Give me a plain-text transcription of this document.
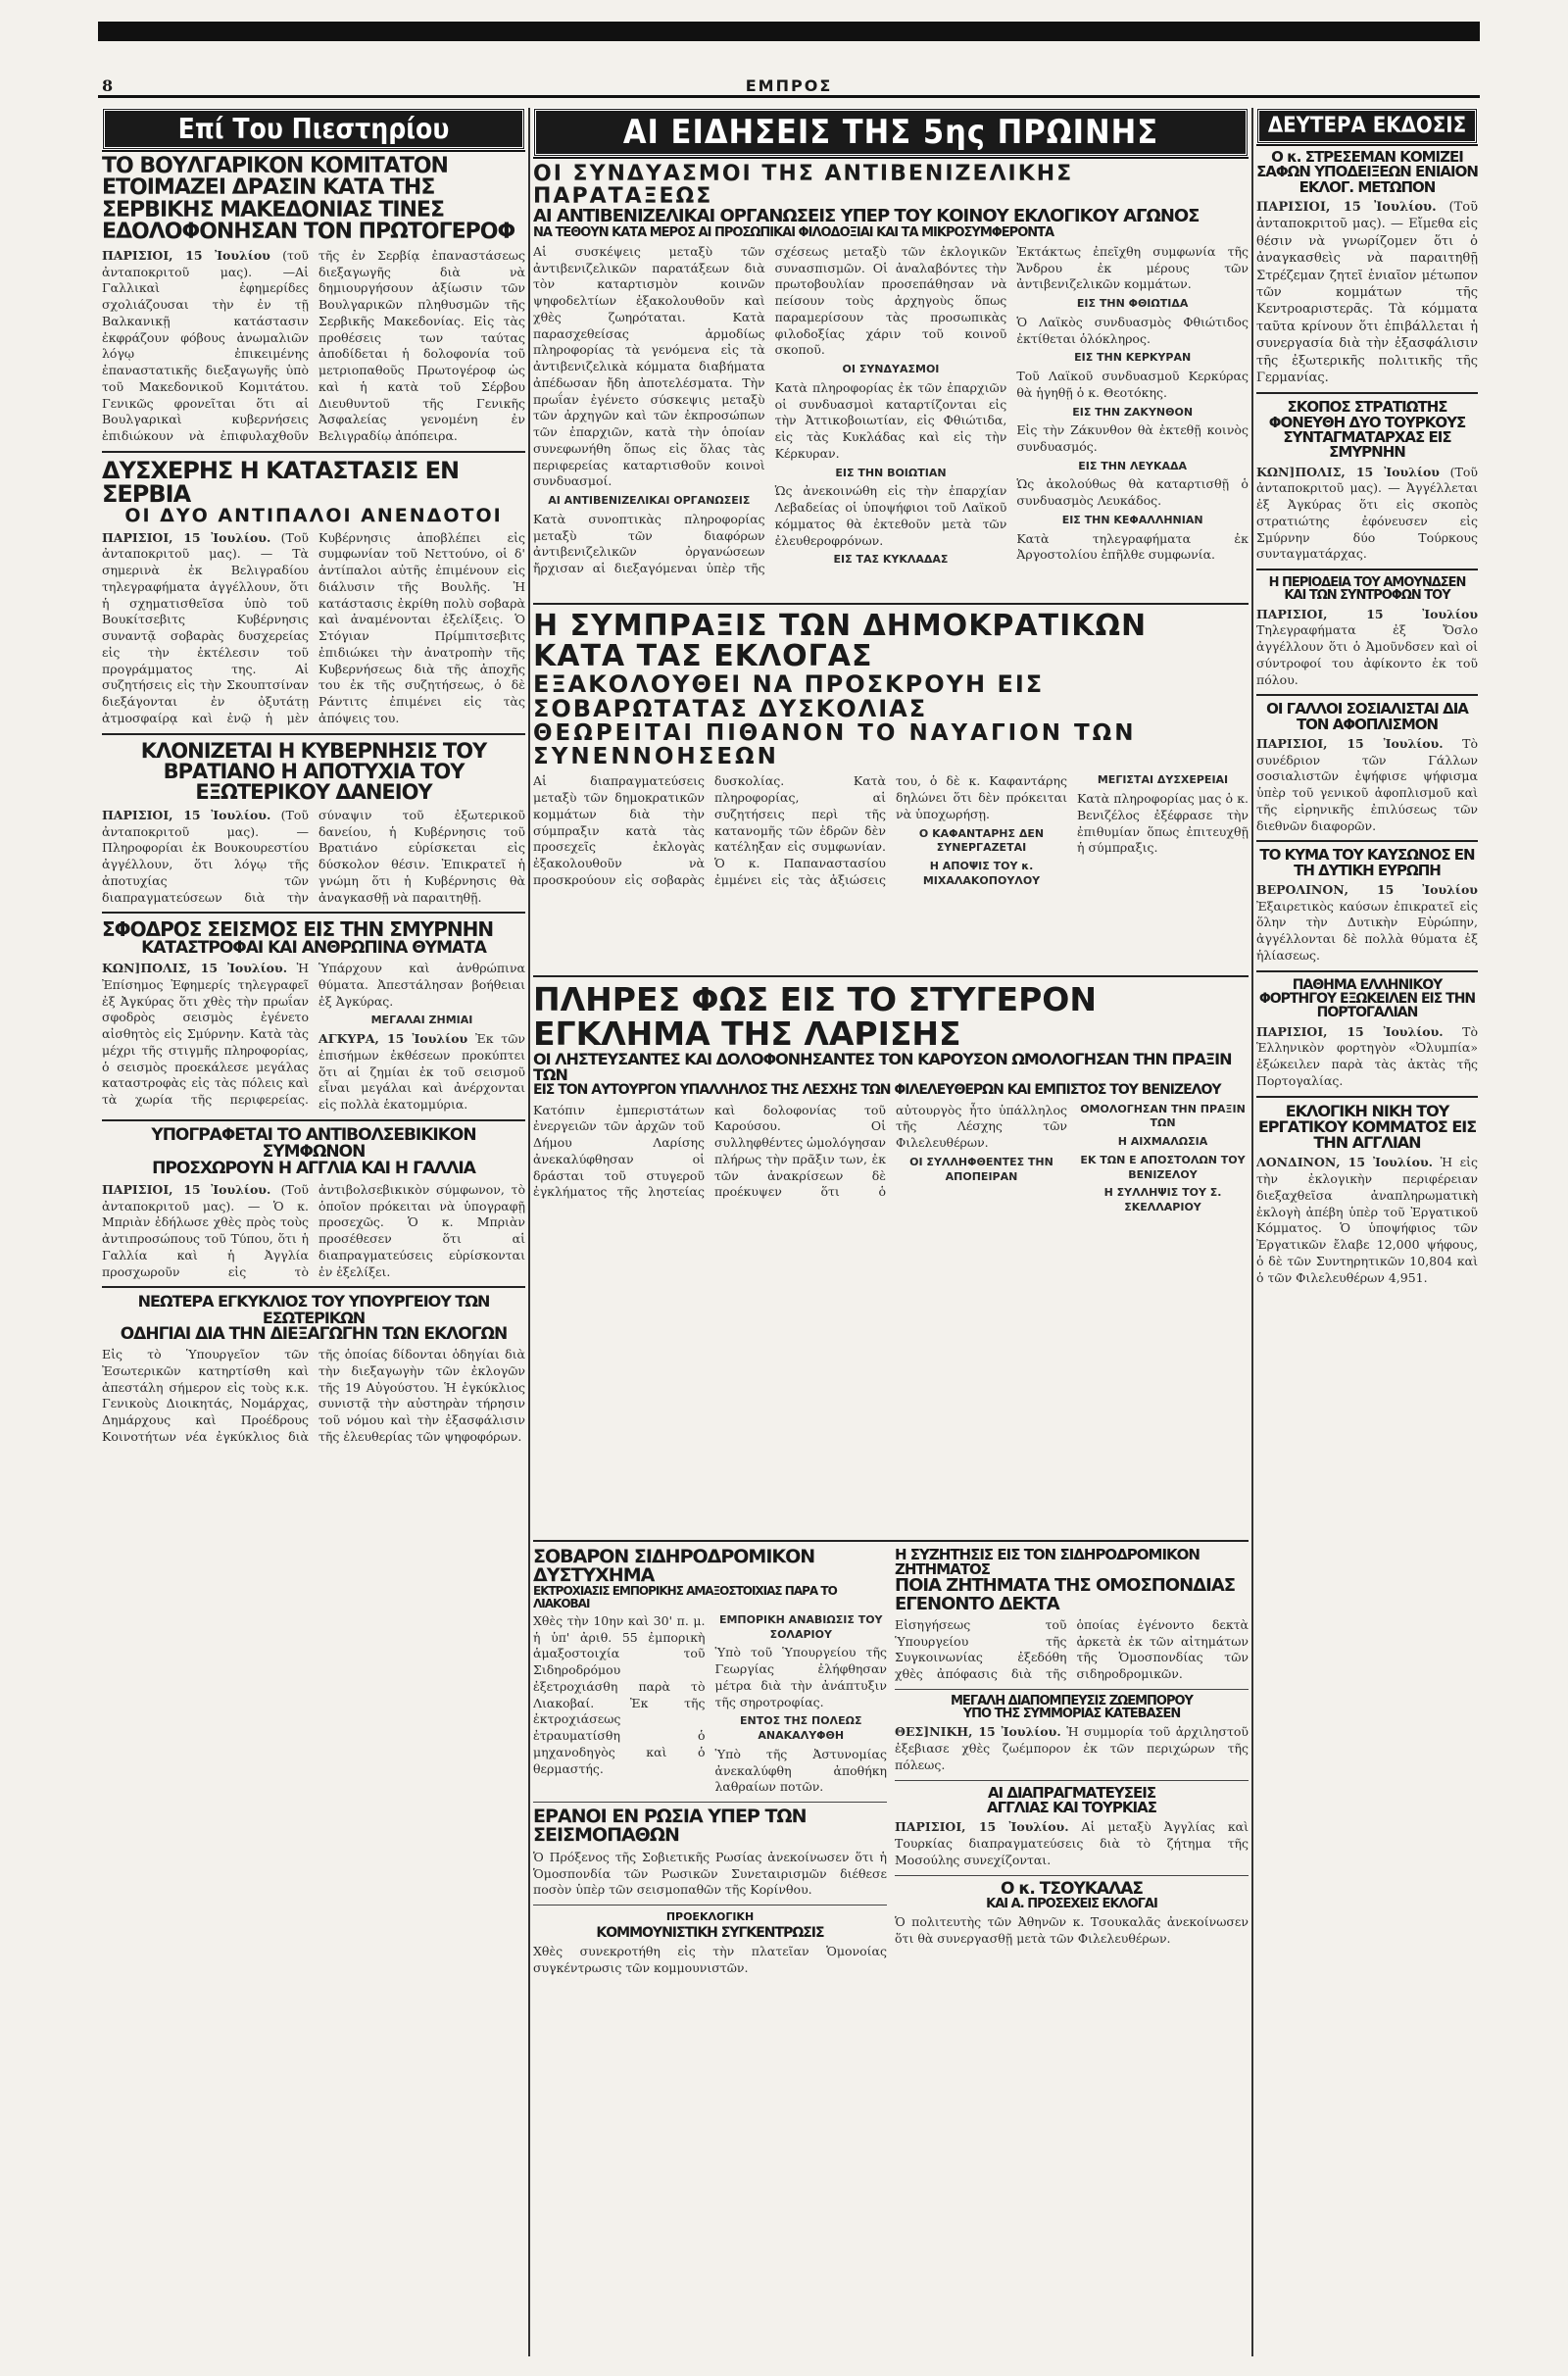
8	ΕΜΠΡΟΣ
Επί Του Πιεστηρίου
ΤΟ ΒΟΥΛΓΑΡΙΚΟΝ ΚΟΜΙΤΑΤΟΝ ΕΤΟΙΜΑΖΕΙ ΔΡΑΣΙΝ ΚΑΤΑ ΤΗΣ ΣΕΡΒΙΚΗΣ ΜΑΚΕΔΟΝΙΑΣ ΤΙΝΕΣ ΕΔΟΛΟΦΟΝΗΣΑΝ ΤΟΝ ΠΡΩΤΟΓΕΡΟΦ
ΠΑΡΙΣΙΟΙ, 15 Ἰουλίου (τοῦ ἀνταποκριτοῦ μας). —Αἱ Γαλλικαὶ ἐφημερίδες σχολιάζουσαι τὴν ἐν τῇ Βαλκανικῇ κατάστασιν ἐκφράζουν φόβους ἀνωμαλιῶν λόγῳ ἐπικειμένης ἐπαναστατικῆς διεξαγωγῆς ὑπὸ τοῦ Μακεδονικοῦ Κομιτάτου. Γενικῶς φρονεῖται ὅτι αἱ Βουλγαρικαὶ κυβερνήσεις ἐπιδιώκουν νὰ ἐπιφυλαχθοῦν τῆς ἐν Σερβίᾳ ἐπαναστάσεως διεξαγωγῆς διὰ νὰ δημιουργήσουν ἀξίωσιν τῶν Βουλγαρικῶν πληθυσμῶν τῆς Σερβικῆς Μακεδονίας. Εἰς τὰς προθέσεις των ταύτας ἀποδίδεται ἡ δολοφονία τοῦ μετριοπαθοῦς Πρωτογέροφ ὡς καὶ ἡ κατὰ τοῦ Σέρβου Διευθυντοῦ τῆς Γενικῆς Ἀσφαλείας γενομένη ἐν Βελιγραδίῳ ἀπόπειρα.
ΔΥΣΧΕΡΗΣ Η ΚΑΤΑΣΤΑΣΙΣ ΕΝ ΣΕΡΒΙΑ
ΟΙ ΔΥΟ ΑΝΤΙΠΑΛΟΙ ΑΝΕΝΔΟΤΟΙ
ΠΑΡΙΣΙΟΙ, 15 Ἰουλίου. (Τοῦ ἀνταποκριτοῦ μας). — Τὰ σημερινὰ ἐκ Βελιγραδίου τηλεγραφήματα ἀγγέλλουν, ὅτι ἡ σχηματισθεῖσα ὑπὸ τοῦ Βουκίτσεβιτς Κυβέρνησις συναντᾷ σοβαρὰς δυσχερείας εἰς τὴν ἐκτέλεσιν τοῦ προγράμματος της. Αἱ συζητήσεις εἰς τὴν Σκουπτσίναν διεξάγονται ἐν ὀξυτάτῃ ἀτμοσφαίρᾳ καὶ ἐνῷ ἡ μὲν Κυβέρνησις ἀποβλέπει εἰς συμφωνίαν τοῦ Νεττούνο, οἱ δ' ἀντίπαλοι αὐτῆς ἐπιμένουν εἰς διάλυσιν τῆς Βουλῆς. Ἡ κατάστασις ἐκρίθη πολὺ σοβαρὰ καὶ ἀναμένονται ἐξελίξεις. Ὁ Στόγιαν Πρίμπιτσεβιτς ἐπιδιώκει τὴν ἀνατροπὴν τῆς Κυβερνήσεως διὰ τῆς ἀποχῆς του ἐκ τῆς συζητήσεως, ὁ δὲ Ράντιτς ἐπιμένει εἰς τὰς ἀπόψεις του.
ΚΛΟΝΙΖΕΤΑΙ Η ΚΥΒΕΡΝΗΣΙΣ ΤΟΥ ΒΡΑΤΙΑΝΟ Η ΑΠΟΤΥΧΙΑ ΤΟΥ ΕΞΩΤΕΡΙΚΟΥ ΔΑΝΕΙΟΥ
ΠΑΡΙΣΙΟΙ, 15 Ἰουλίου. (Τοῦ ἀνταποκριτοῦ μας). — Πληροφορίαι ἐκ Βουκουρεστίου ἀγγέλλουν, ὅτι λόγῳ τῆς ἀποτυχίας τῶν διαπραγματεύσεων διὰ τὴν σύναψιν τοῦ ἐξωτερικοῦ δανείου, ἡ Κυβέρνησις τοῦ Βρατιάνο εὑρίσκεται εἰς δύσκολον θέσιν. Ἐπικρατεῖ ἡ γνώμη ὅτι ἡ Κυβέρνησις θὰ ἀναγκασθῇ νὰ παραιτηθῇ.
ΣΦΟΔΡΟΣ ΣΕΙΣΜΟΣ ΕΙΣ ΤΗΝ ΣΜΥΡΝΗΝ
ΚΑΤΑΣΤΡΟΦΑΙ ΚΑΙ ΑΝΘΡΩΠΙΝΑ ΘΥΜΑΤΑ
ΚΩΝ]ΠΟΛΙΣ, 15 Ἰουλίου. Ἡ Ἐπίσημος Ἐφημερίς τηλεγραφεῖ ἐξ Ἀγκύρας ὅτι χθὲς τὴν πρωΐαν σφοδρὸς σεισμὸς ἐγένετο αἰσθητὸς εἰς Σμύρνην. Κατὰ τὰς μέχρι τῆς στιγμῆς πληροφορίας, ὁ σεισμὸς προεκάλεσε μεγάλας καταστροφὰς εἰς τὰς πόλεις καὶ τὰ χωρία τῆς περιφερείας. Ὑπάρχουν καὶ ἀνθρώπινα θύματα. Ἀπεστάλησαν βοήθειαι ἐξ Ἀγκύρας.
ΜΕΓΑΛΑΙ ΖΗΜΙΑΙ
ΑΓΚΥΡΑ, 15 Ἰουλίου Ἐκ τῶν ἐπισήμων ἐκθέσεων προκύπτει ὅτι αἱ ζημίαι ἐκ τοῦ σεισμοῦ εἶναι μεγάλαι καὶ ἀνέρχονται εἰς πολλὰ ἑκατομμύρια.
ΥΠΟΓΡΑΦΕΤΑΙ ΤΟ ΑΝΤΙΒΟΛΣΕΒΙΚΙΚΟΝ ΣΥΜΦΩΝΟΝ
ΠΡΟΣΧΩΡΟΥΝ Η ΑΓΓΛΙΑ ΚΑΙ Η ΓΑΛΛΙΑ
ΠΑΡΙΣΙΟΙ, 15 Ἰουλίου. (Τοῦ ἀνταποκριτοῦ μας). — Ὁ κ. Μπριὰν ἐδήλωσε χθὲς πρὸς τοὺς ἀντιπροσώπους τοῦ Τύπου, ὅτι ἡ Γαλλία καὶ ἡ Ἀγγλία προσχωροῦν εἰς τὸ ἀντιβολσεβικικὸν σύμφωνον, τὸ ὁποῖον πρόκειται νὰ ὑπογραφῇ προσεχῶς. Ὁ κ. Μπριὰν προσέθεσεν ὅτι αἱ διαπραγματεύσεις εὑρίσκονται ἐν ἐξελίξει.
ΝΕΩΤΕΡΑ ΕΓΚΥΚΛΙΟΣ ΤΟΥ ΥΠΟΥΡΓΕΙΟΥ ΤΩΝ ΕΣΩΤΕΡΙΚΩΝ
ΟΔΗΓΙΑΙ ΔΙΑ ΤΗΝ ΔΙΕΞΑΓΩΓΗΝ ΤΩΝ ΕΚΛΟΓΩΝ
Εἰς τὸ Ὑπουργεῖον τῶν Ἐσωτερικῶν κατηρτίσθη καὶ ἀπεστάλη σήμερον εἰς τοὺς κ.κ. Γενικοὺς Διοικητάς, Νομάρχας, Δημάρχους καὶ Προέδρους Κοινοτήτων νέα ἐγκύκλιος διὰ τῆς ὁποίας δίδονται ὁδηγίαι διὰ τὴν διεξαγωγὴν τῶν ἐκλογῶν τῆς 19 Αὐγούστου. Ἡ ἐγκύκλιος συνιστᾷ τὴν αὐστηρὰν τήρησιν τοῦ νόμου καὶ τὴν ἐξασφάλισιν τῆς ἐλευθερίας τῶν ψηφοφόρων.
ΑΙ ΕΙΔΗΣΕΙΣ ΤΗΣ 5ης ΠΡΩΙΝΗΣ
ΟΙ ΣΥΝΔΥΑΣΜΟΙ ΤΗΣ ΑΝΤΙΒΕΝΙΖΕΛΙΚΗΣ ΠΑΡΑΤΑΞΕΩΣ
ΑΙ ΑΝΤΙΒΕΝΙΖΕΛΙΚΑΙ ΟΡΓΑΝΩΣΕΙΣ ΥΠΕΡ ΤΟΥ ΚΟΙΝΟΥ ΕΚΛΟΓΙΚΟΥ ΑΓΩΝΟΣ
ΝΑ ΤΕΘΟΥΝ ΚΑΤΑ ΜΕΡΟΣ ΑΙ ΠΡΟΣΩΠΙΚΑΙ ΦΙΛΟΔΟΞΙΑΙ ΚΑΙ ΤΑ ΜΙΚΡΟΣΥΜΦΕΡΟΝΤΑ
Αἱ συσκέψεις μεταξὺ τῶν ἀντιβενιζελικῶν παρατάξεων διὰ τὸν καταρτισμὸν κοινῶν ψηφοδελτίων ἐξακολουθοῦν καὶ χθὲς ζωηρόταται. Κατὰ παρασχεθείσας ἀρμοδίως πληροφορίας τὰ γενόμενα εἰς τὰ ἀντιβενιζελικὰ κόμματα διαβήματα ἀπέδωσαν ἤδη ἀποτελέσματα. Τὴν πρωΐαν ἐγένετο σύσκεψις μεταξὺ τῶν ἀρχηγῶν καὶ τῶν ἐκπροσώπων τῶν ἐπαρχιῶν, κατὰ τὴν ὁποίαν συνεφωνήθη ὅπως εἰς ὅλας τὰς περιφερείας καταρτισθοῦν κοινοὶ συνδυασμοί.
ΑΙ ΑΝΤΙΒΕΝΙΖΕΛΙΚΑΙ ΟΡΓΑΝΩΣΕΙΣ
Κατὰ συνοπτικὰς πληροφορίας μεταξὺ τῶν διαφόρων ἀντιβενιζελικῶν ὀργανώσεων ἤρχισαν αἱ διεξαγόμεναι ὑπὲρ τῆς σχέσεως μεταξὺ τῶν ἐκλογικῶν συνασπισμῶν. Οἱ ἀναλαβόντες τὴν πρωτοβουλίαν προσεπάθησαν νὰ πείσουν τοὺς ἀρχηγοὺς ὅπως παραμερίσουν τὰς προσωπικὰς φιλοδοξίας χάριν τοῦ κοινοῦ σκοποῦ.
ΟΙ ΣΥΝΔΥΑΣΜΟΙ
Κατὰ πληροφορίας ἐκ τῶν ἐπαρχιῶν οἱ συνδυασμοὶ καταρτίζονται εἰς τὴν Ἀττικοβοιωτίαν, εἰς Φθιώτιδα, εἰς τὰς Κυκλάδας καὶ εἰς τὴν Κέρκυραν.
ΕΙΣ ΤΗΝ ΒΟΙΩΤΙΑΝ
Ὡς ἀνεκοινώθη εἰς τὴν ἐπαρχίαν Λεβαδείας οἱ ὑποψήφιοι τοῦ Λαϊκοῦ κόμματος θὰ ἐκτεθοῦν μετὰ τῶν ἐλευθεροφρόνων.
ΕΙΣ ΤΑΣ ΚΥΚΛΑΔΑΣ
Ἐκτάκτως ἐπεῖχθη συμφωνία τῆς Ἄνδρου ἐκ μέρους τῶν ἀντιβενιζελικῶν κομμάτων.
ΕΙΣ ΤΗΝ ΦΘΙΩΤΙΔΑ
Ὁ Λαϊκὸς συνδυασμὸς Φθιώτιδος ἐκτίθεται ὁλόκληρος.
ΕΙΣ ΤΗΝ ΚΕΡΚΥΡΑΝ
Τοῦ Λαϊκοῦ συνδυασμοῦ Κερκύρας θὰ ἡγηθῇ ὁ κ. Θεοτόκης.
ΕΙΣ ΤΗΝ ΖΑΚΥΝΘΟΝ
Εἰς τὴν Ζάκυνθον θὰ ἐκτεθῇ κοινὸς συνδυασμός.
ΕΙΣ ΤΗΝ ΛΕΥΚΑΔΑ
Ὡς ἀκολούθως θὰ καταρτισθῇ ὁ συνδυασμὸς Λευκάδος.
ΕΙΣ ΤΗΝ ΚΕΦΑΛΛΗΝΙΑΝ
Κατὰ τηλεγραφήματα ἐκ Ἀργοστολίου ἐπῆλθε συμφωνία.
Η ΣΥΜΠΡΑΞΙΣ ΤΩΝ ΔΗΜΟΚΡΑΤΙΚΩΝ ΚΑΤΑ ΤΑΣ ΕΚΛΟΓΑΣ
ΕΞΑΚΟΛΟΥΘΕΙ ΝΑ ΠΡΟΣΚΡΟΥΗ ΕΙΣ ΣΟΒΑΡΩΤΑΤΑΣ ΔΥΣΚΟΛΙΑΣ
ΘΕΩΡΕΙΤΑΙ ΠΙΘΑΝΟΝ ΤΟ ΝΑΥΑΓΙΟΝ ΤΩΝ ΣΥΝΕΝΝΟΗΣΕΩΝ
Αἱ διαπραγματεύσεις μεταξὺ τῶν δημοκρατικῶν κομμάτων διὰ τὴν σύμπραξιν κατὰ τὰς προσεχεῖς ἐκλογὰς ἐξακολουθοῦν νὰ προσκρούουν εἰς σοβαρὰς δυσκολίας. Κατὰ πληροφορίας, αἱ συζητήσεις περὶ τῆς κατανομῆς τῶν ἐδρῶν δὲν κατέληξαν εἰς συμφωνίαν. Ὁ κ. Παπαναστασίου ἐμμένει εἰς τὰς ἀξιώσεις του, ὁ δὲ κ. Καφαντάρης δηλώνει ὅτι δὲν πρόκειται νὰ ὑποχωρήσῃ.
Ο ΚΑΦΑΝΤΑΡΗΣ ΔΕΝ ΣΥΝΕΡΓΑΖΕΤΑΙ
Η ΑΠΟΨΙΣ ΤΟΥ κ. ΜΙΧΑΛΑΚΟΠΟΥΛΟΥ
ΜΕΓΙΣΤΑΙ ΔΥΣΧΕΡΕΙΑΙ
Κατὰ πληροφορίας μας ὁ κ. Βενιζέλος ἐξέφρασε τὴν ἐπιθυμίαν ὅπως ἐπιτευχθῇ ἡ σύμπραξις.
ΠΛΗΡΕΣ ΦΩΣ ΕΙΣ ΤΟ ΣΤΥΓΕΡΟΝ ΕΓΚΛΗΜΑ ΤΗΣ ΛΑΡΙΣΗΣ
ΟΙ ΛΗΣΤΕΥΣΑΝΤΕΣ ΚΑΙ ΔΟΛΟΦΟΝΗΣΑΝΤΕΣ ΤΟΝ ΚΑΡΟΥΣΟΝ ΩΜΟΛΟΓΗΣΑΝ ΤΗΝ ΠΡΑΞΙΝ ΤΩΝ
ΕΙΣ ΤΟΝ ΑΥΤΟΥΡΓΟΝ ΥΠΑΛΛΗΛΟΣ ΤΗΣ ΛΕΣΧΗΣ ΤΩΝ ΦΙΛΕΛΕΥΘΕΡΩΝ ΚΑΙ ΕΜΠΙΣΤΟΣ ΤΟΥ ΒΕΝΙΖΕΛΟΥ
Κατόπιν ἐμπεριστάτων ἐνεργειῶν τῶν ἀρχῶν τοῦ Δήμου Λαρίσης ἀνεκαλύφθησαν οἱ δράσται τοῦ στυγεροῦ ἐγκλήματος τῆς ληστείας καὶ δολοφονίας τοῦ Καρούσου. Οἱ συλληφθέντες ὡμολόγησαν πλήρως τὴν πρᾶξιν των, ἐκ τῶν ἀνακρίσεων δὲ προέκυψεν ὅτι ὁ αὐτουργὸς ἦτο ὑπάλληλος τῆς Λέσχης τῶν Φιλελευθέρων.
ΟΙ ΣΥΛΛΗΦΘΕΝΤΕΣ ΤΗΝ ΑΠΟΠΕΙΡΑΝ
ΟΜΟΛΟΓΗΣΑΝ ΤΗΝ ΠΡΑΞΙΝ ΤΩΝ
Η ΑΙΧΜΑΛΩΣΙΑ
ΕΚ ΤΩΝ Ε ΑΠΟΣΤΟΛΩΝ ΤΟΥ ΒΕΝΙΖΕΛΟΥ
Η ΣΥΛΛΗΨΙΣ ΤΟΥ Σ. ΣΚΕΛΛΑΡΙΟΥ
ΣΟΒΑΡΟΝ ΣΙΔΗΡΟΔΡΟΜΙΚΟΝ ΔΥΣΤΥΧΗΜΑ
ΕΚΤΡΟΧΙΑΣΙΣ ΕΜΠΟΡΙΚΗΣ ΑΜΑΞΟΣΤΟΙΧΙΑΣ ΠΑΡΑ ΤΟ ΛΙΑΚΟΒΑΙ
Χθὲς τὴν 10ην καὶ 30' π. μ. ἡ ὑπ' ἀριθ. 55 ἐμπορικὴ ἁμαξοστοιχία τοῦ Σιδηροδρόμου ἐξετροχιάσθη παρὰ τὸ Λιακοβαί. Ἐκ τῆς ἐκτροχιάσεως ἐτραυματίσθη ὁ μηχανοδηγὸς καὶ ὁ θερμαστής.
ΕΜΠΟΡΙΚΗ ΑΝΑΒΙΩΣΙΣ ΤΟΥ ΣΟΛΑΡΙΟΥ
Ὑπὸ τοῦ Ὑπουργείου τῆς Γεωργίας ἐλήφθησαν μέτρα διὰ τὴν ἀνάπτυξιν τῆς σηροτροφίας.
ΕΝΤΟΣ ΤΗΣ ΠΟΛΕΩΣ ΑΝΑΚΑΛΥΦΘΗ
Ὑπὸ τῆς Ἀστυνομίας ἀνεκαλύφθη ἀποθήκη λαθραίων ποτῶν.
ΕΡΑΝΟΙ ΕΝ ΡΩΣΙΑ ΥΠΕΡ ΤΩΝ ΣΕΙΣΜΟΠΑΘΩΝ
Ὁ Πρόξενος τῆς Σοβιετικῆς Ρωσίας ἀνεκοίνωσεν ὅτι ἡ Ὁμοσπονδία τῶν Ρωσικῶν Συνεταιρισμῶν διέθεσε ποσὸν ὑπὲρ τῶν σεισμοπαθῶν τῆς Κορίνθου.
ΠΡΟΕΚΛΟΓΙΚΗ
ΚΟΜΜΟΥΝΙΣΤΙΚΗ ΣΥΓΚΕΝΤΡΩΣΙΣ
Χθὲς συνεκροτήθη εἰς τὴν πλατεῖαν Ὁμονοίας συγκέντρωσις τῶν κομμουνιστῶν.
Η ΣΥΖΗΤΗΣΙΣ ΕΙΣ ΤΟΝ ΣΙΔΗΡΟΔΡΟΜΙΚΟΝ ΖΗΤΗΜΑΤΟΣ
ΠΟΙΑ ΖΗΤΗΜΑΤΑ ΤΗΣ ΟΜΟΣΠΟΝΔΙΑΣ ΕΓΕΝΟΝΤΟ ΔΕΚΤΑ
Εἰσηγήσεως τοῦ Ὑπουργείου τῆς Συγκοινωνίας ἐξεδόθη χθὲς ἀπόφασις διὰ τῆς ὁποίας ἐγένοντο δεκτὰ ἀρκετὰ ἐκ τῶν αἰτημάτων τῆς Ὁμοσπονδίας τῶν σιδηροδρομικῶν.
ΜΕΓΑΛΗ ΔΙΑΠΟΜΠΕΥΣΙΣ ΖΩΕΜΠΟΡΟΥ
ΥΠΟ ΤΗΣ ΣΥΜΜΟΡΙΑΣ ΚΑΤΕΒΑΣΕΝ
ΘΕΣ]ΝΙΚΗ, 15 Ἰουλίου. Ἡ συμμορία τοῦ ἀρχιληστοῦ ἐξεβιασε χθὲς ζωέμπορον ἐκ τῶν περιχώρων τῆς πόλεως.
ΑΙ ΔΙΑΠΡΑΓΜΑΤΕΥΣΕΙΣ
ΑΓΓΛΙΑΣ ΚΑΙ ΤΟΥΡΚΙΑΣ
ΠΑΡΙΣΙΟΙ, 15 Ἰουλίου. Αἱ μεταξὺ Ἀγγλίας καὶ Τουρκίας διαπραγματεύσεις διὰ τὸ ζήτημα τῆς Μοσούλης συνεχίζονται.
Ο κ. ΤΣΟΥΚΑΛΑΣ
ΚΑΙ Α. ΠΡΟΣΕΧΕΙΣ ΕΚΛΟΓΑΙ
Ὁ πολιτευτὴς τῶν Ἀθηνῶν κ. Τσουκαλᾶς ἀνεκοίνωσεν ὅτι θὰ συνεργασθῇ μετὰ τῶν Φιλελευθέρων.
ΔΕΥΤΕΡΑ ΕΚΔΟΣΙΣ
Ο κ. ΣΤΡΕΣΕΜΑΝ ΚΟΜΙΖΕΙ ΣΑΦΩΝ ΥΠΟΔΕΙΞΕΩΝ ΕΝΙΑΙΟΝ ΕΚΛΟΓ. ΜΕΤΩΠΟΝ
ΠΑΡΙΣΙΟΙ, 15 Ἰουλίου. (Τοῦ ἀνταποκριτοῦ μας). — Εἴμεθα εἰς θέσιν νὰ γνωρίζομεν ὅτι ὁ ἀναγκασθεὶς νὰ παραιτηθῇ Στρέζεμαν ζητεῖ ἑνιαῖον μέτωπον τῶν κομμάτων τῆς Κεντροαριστερᾶς. Τὰ κόμματα ταῦτα κρίνουν ὅτι ἐπιβάλλεται ἡ συνεργασία διὰ τὴν ἐξασφάλισιν τῆς ἐξωτερικῆς πολιτικῆς τῆς Γερμανίας.
ΣΚΟΠΟΣ ΣΤΡΑΤΙΩΤΗΣ ΦΟΝΕΥΘΗ ΔΥΟ ΤΟΥΡΚΟΥΣ ΣΥΝΤΑΓΜΑΤΑΡΧΑΣ ΕΙΣ ΣΜΥΡΝΗΝ
ΚΩΝ]ΠΟΛΙΣ, 15 Ἰουλίου (Τοῦ ἀνταποκριτοῦ μας). — Ἀγγέλλεται ἐξ Ἀγκύρας ὅτι εἰς σκοπὸς στρατιώτης ἐφόνευσεν εἰς Σμύρνην δύο Τούρκους συνταγματάρχας.
Η ΠΕΡΙΟΔΕΙΑ ΤΟΥ ΑΜΟΥΝΔΣΕΝ ΚΑΙ ΤΩΝ ΣΥΝΤΡΟΦΩΝ ΤΟΥ
ΠΑΡΙΣΙΟΙ, 15 Ἰουλίου Τηλεγραφήματα ἐξ Ὄσλο ἀγγέλλουν ὅτι ὁ Ἀμοῦνδσεν καὶ οἱ σύντροφοί του ἀφίκοντο ἐκ τοῦ πόλου.
ΟΙ ΓΑΛΛΟΙ ΣΟΣΙΑΛΙΣΤΑΙ ΔΙΑ ΤΟΝ ΑΦΟΠΛΙΣΜΟΝ
ΠΑΡΙΣΙΟΙ, 15 Ἰουλίου. Τὸ συνέδριον τῶν Γάλλων σοσιαλιστῶν ἐψήφισε ψήφισμα ὑπὲρ τοῦ γενικοῦ ἀφοπλισμοῦ καὶ τῆς εἰρηνικῆς ἐπιλύσεως τῶν διεθνῶν διαφορῶν.
ΤΟ ΚΥΜΑ ΤΟΥ ΚΑΥΣΩΝΟΣ ΕΝ ΤΗ ΔΥΤΙΚΗ ΕΥΡΩΠΗ
ΒΕΡΟΛΙΝΟΝ, 15 Ἰουλίου Ἐξαιρετικὸς καύσων ἐπικρατεῖ εἰς ὅλην τὴν Δυτικὴν Εὐρώπην, ἀγγέλλονται δὲ πολλὰ θύματα ἐξ ἡλίασεως.
ΠΑΘΗΜΑ ΕΛΛΗΝΙΚΟΥ ΦΟΡΤΗΓΟΥ ΕΞΩΚΕΙΛΕΝ ΕΙΣ ΤΗΝ ΠΟΡΤΟΓΑΛΙΑΝ
ΠΑΡΙΣΙΟΙ, 15 Ἰουλίου. Τὸ Ἑλληνικὸν φορτηγὸν «Ὀλυμπία» ἐξώκειλεν παρὰ τὰς ἀκτὰς τῆς Πορτογαλίας.
ΕΚΛΟΓΙΚΗ ΝΙΚΗ ΤΟΥ ΕΡΓΑΤΙΚΟΥ ΚΟΜΜΑΤΟΣ ΕΙΣ ΤΗΝ ΑΓΓΛΙΑΝ
ΛΟΝΔΙΝΟΝ, 15 Ἰουλίου. Ἡ εἰς τὴν ἐκλογικὴν περιφέρειαν διεξαχθεῖσα ἀναπληρωματικὴ ἐκλογὴ ἀπέβη ὑπὲρ τοῦ Ἐργατικοῦ Κόμματος. Ὁ ὑποψήφιος τῶν Ἐργατικῶν ἔλαβε 12,000 ψήφους, ὁ δὲ τῶν Συντηρητικῶν 10,804 καὶ ὁ τῶν Φιλελευθέρων 4,951.
